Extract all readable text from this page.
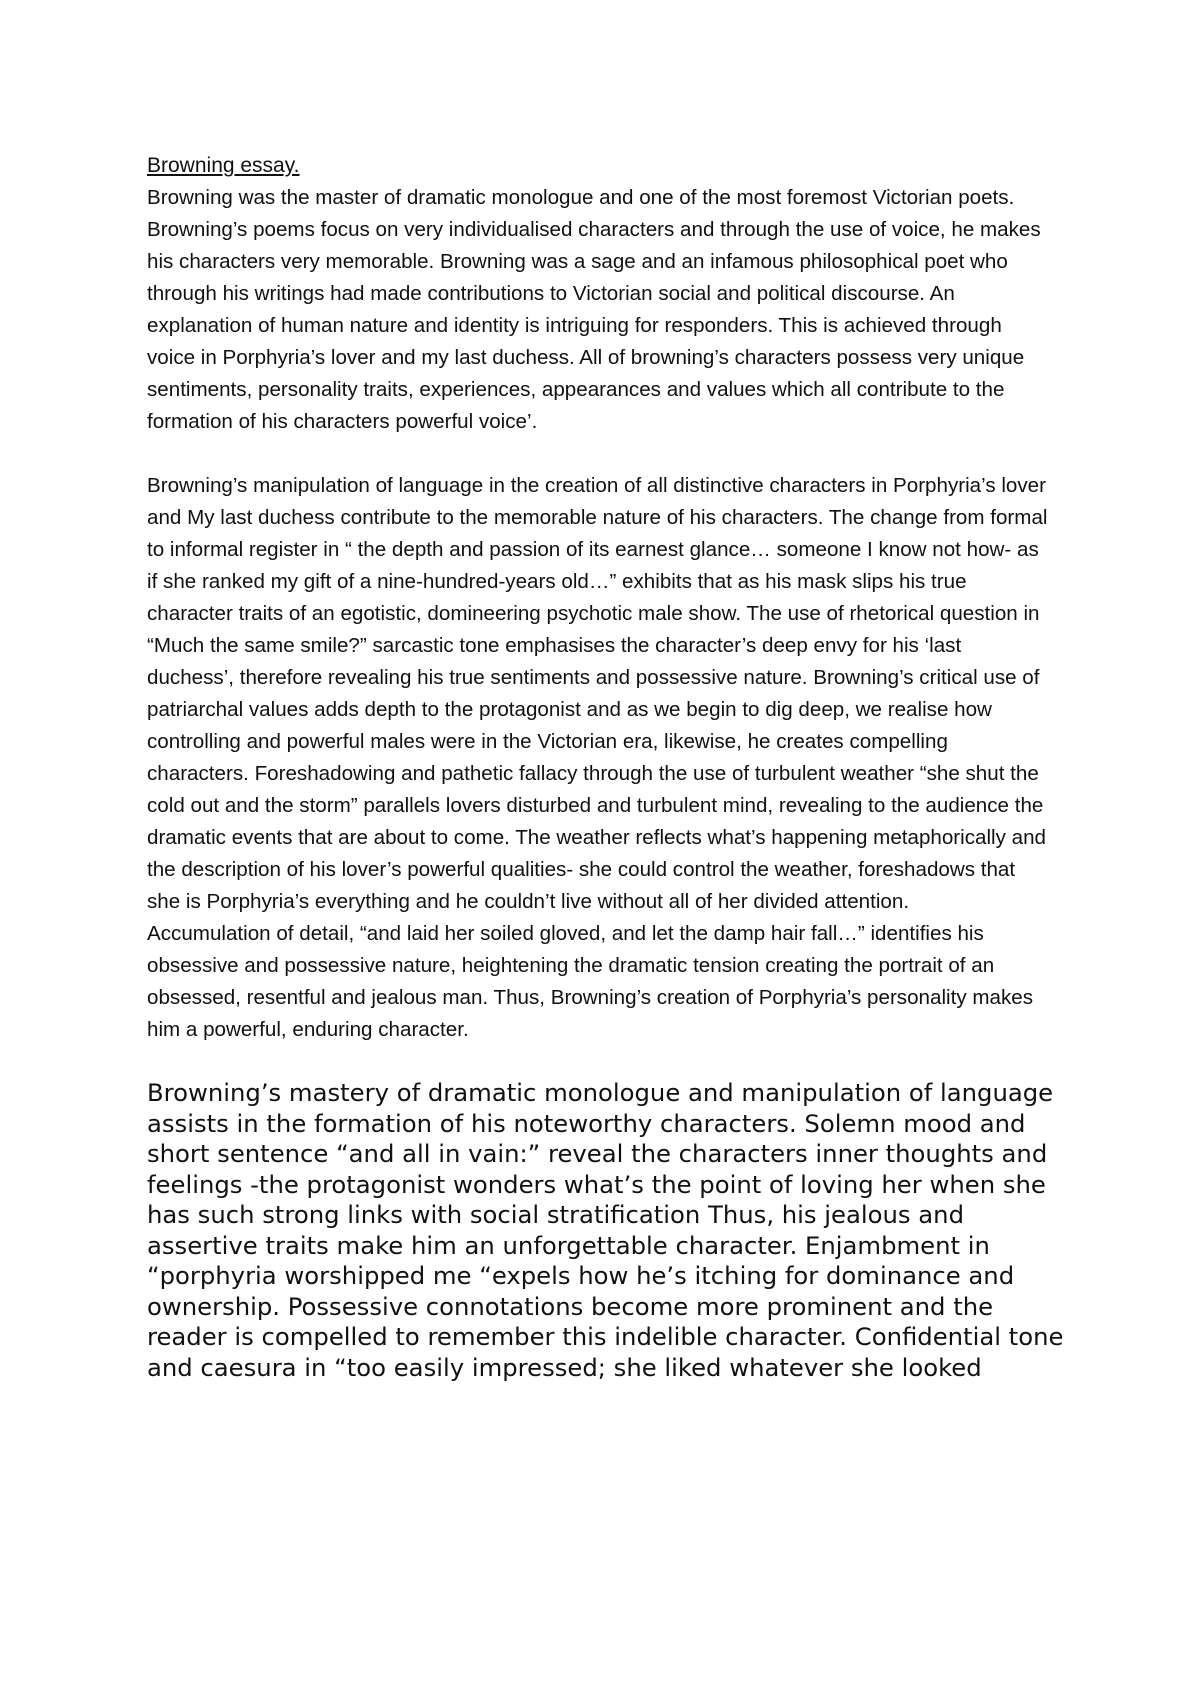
Browning essay.

Browning was the master of dramatic monologue and one of the most foremost Victorian poets. Browning’s poems focus on very individualised characters and through the use of voice, he makes his characters very memorable. Browning was a sage and an infamous philosophical poet who through his writings had made contributions to Victorian social and political discourse. An explanation of human nature and identity is intriguing for responders. This is achieved through voice in Porphyria’s lover and my last duchess. All of browning’s characters possess very unique sentiments, personality traits, experiences, appearances and values which all contribute to the formation of his characters powerful voice’.

Browning’s manipulation of language in the creation of all distinctive characters in Porphyria’s lover and My last duchess contribute to the memorable nature of his characters. The change from formal to informal register in “ the depth and passion of its earnest glance… someone I know not how- as if she ranked my gift of a nine-hundred-years old…” exhibits that as his mask slips his true character traits of an egotistic, domineering psychotic male show. The use of rhetorical question in “Much the same smile?” sarcastic tone emphasises the character’s deep envy for his ‘last duchess’, therefore revealing his true sentiments and possessive nature. Browning’s critical use of patriarchal values adds depth to the protagonist and as we begin to dig deep, we realise how controlling and powerful males were in the Victorian era, likewise, he creates compelling characters. Foreshadowing and pathetic fallacy through the use of turbulent weather “she shut the cold out and the storm” parallels lovers disturbed and turbulent mind, revealing to the audience the dramatic events that are about to come. The weather reflects what’s happening metaphorically and the description of his lover’s powerful qualities- she could control the weather, foreshadows that she is Porphyria’s everything and he couldn’t live without all of her divided attention.

Accumulation of detail, “and laid her soiled gloved, and let the damp hair fall…” identifies his obsessive and possessive nature, heightening the dramatic tension creating the portrait of an obsessed, resentful and jealous man. Thus, Browning’s creation of Porphyria’s personality makes him a powerful, enduring character.

Browning’s mastery of dramatic monologue and manipulation of language assists in the formation of his noteworthy characters. Solemn mood and short sentence “and all in vain:” reveal the characters inner thoughts and feelings -the protagonist wonders what’s the point of loving her when she has such strong links with social stratification Thus, his jealous and assertive traits make him an unforgettable character. Enjambment in “porphyria worshipped me “expels how he’s itching for dominance and ownership. Possessive connotations become more prominent and the reader is compelled to remember this indelible character. Confidential tone and caesura in “too easily impressed; she liked whatever she looked
